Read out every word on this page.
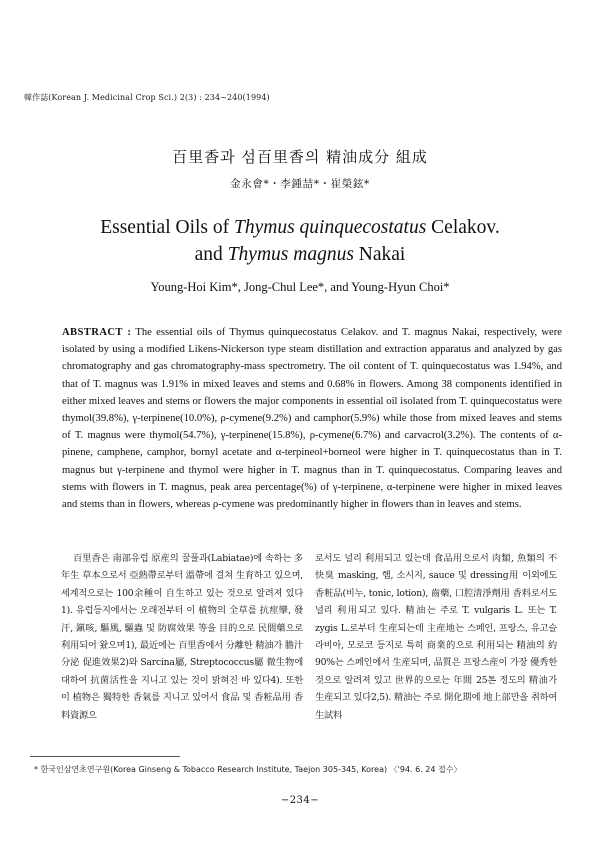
韓作誌(Korean J. Medicinal Crop Sci.) 2(3) : 234~240(1994)
百里香과 섬百里香의 精油成分 組成
金永會*・李鍾喆*・崔榮鉉*
Essential Oils of Thymus quinquecostatus Celakov.
and Thymus magnus Nakai
Young-Hoi Kim*, Jong-Chul Lee*, and Young-Hyun Choi*

ABSTRACT : The essential oils of Thymus quinquecostatus Celakov. and T. magnus Nakai, respectively, were isolated by using a modified Likens-Nickerson type steam distillation and extraction apparatus and analyzed by gas chromatography and gas chromatography-mass spectrometry. The oil content of T. quinquecostatus was 1.94%, and that of T. magnus was 1.91% in mixed leaves and stems and 0.68% in flowers. Among 38 components identified in either mixed leaves and stems or flowers the major components in essential oil isolated from T. quinquecostatus were thymol(39.8%), γ-terpinene(10.0%), ρ-cymene(9.2%) and camphor(5.9%) while those from mixed leaves and stems of T. magnus were thymol(54.7%), γ-terpinene(15.8%), ρ-cymene(6.7%) and carvacrol(3.2%). The contents of α-pinene, camphene, camphor, bornyl acetate and α-terpineol+borneol were higher in T. quinquecostatus than in T. magnus but γ-terpinene and thymol were higher in T. magnus than in T. quinquecostatus. Comparing leaves and stems with flowers in T. magnus, peak area percentage(%) of γ-terpinene, α-terpinene were higher in mixed leaves and stems than in flowers, whereas ρ-cymene was predominantly higher in flowers than in leaves and stems.

百里香은 南部유럽 原産의 꿀풀과(Labiatae)에 속하는 多年生 草本으로서 亞熱帶로부터 溫帶에 걸쳐 生育하고 있으며, 세계적으로는 100余種이 自生하고 있는 것으로 알려져 있다1). 유럽등지에서는 오래전부터 이 植物의 全草를 抗痙攣, 發汗, 鎭咳, 驅風, 驅蟲 및 防腐效果 等을 目的으로 民間藥으로 利用되어 왔으며1), 最近에는 百里香에서 分離한 精油가 膽汁分泌 促進效果2)와 Sarcina屬, Streptococcus屬 微生物에 대하여 抗菌活性을 지니고 있는 것이 밝혀진 바 있다4). 또한 이 植物은 獨特한 香氣를 지니고 있어서 食品 및 香粧品用 香料資源으

로서도 널리 利用되고 있는데 食品用으로서 肉類, 魚類의 不快臭 masking, 햄, 소시지, sauce 및 dressing用 이외에도 香粧品(비누, tonic, lotion), 齒藥, 口腔清淨劑用 香料로서도 널리 利用되고 있다. 精油는 주로 T. vulgaris L. 또는 T. zygis L.로부터 生産되는데 主産地는 스페인, 프랑스, 유고슬라비아, 모로코 등지로 특히 商業的으로 利用되는 精油의 約 90%는 스페인에서 生産되며, 品質은 프랑스産이 가장 優秀한 것으로 알려져 있고 世界的으로는 年間 25톤 정도의 精油가 生産되고 있다2,5). 精油는 주로 開化期에 地上部만을 취하여 生試料

* 한국인삼연초연구원(Korea Ginseng & Tobacco Research Institute, Taejon 305-345, Korea) 〈'94. 6. 24 접수〉
−234−
